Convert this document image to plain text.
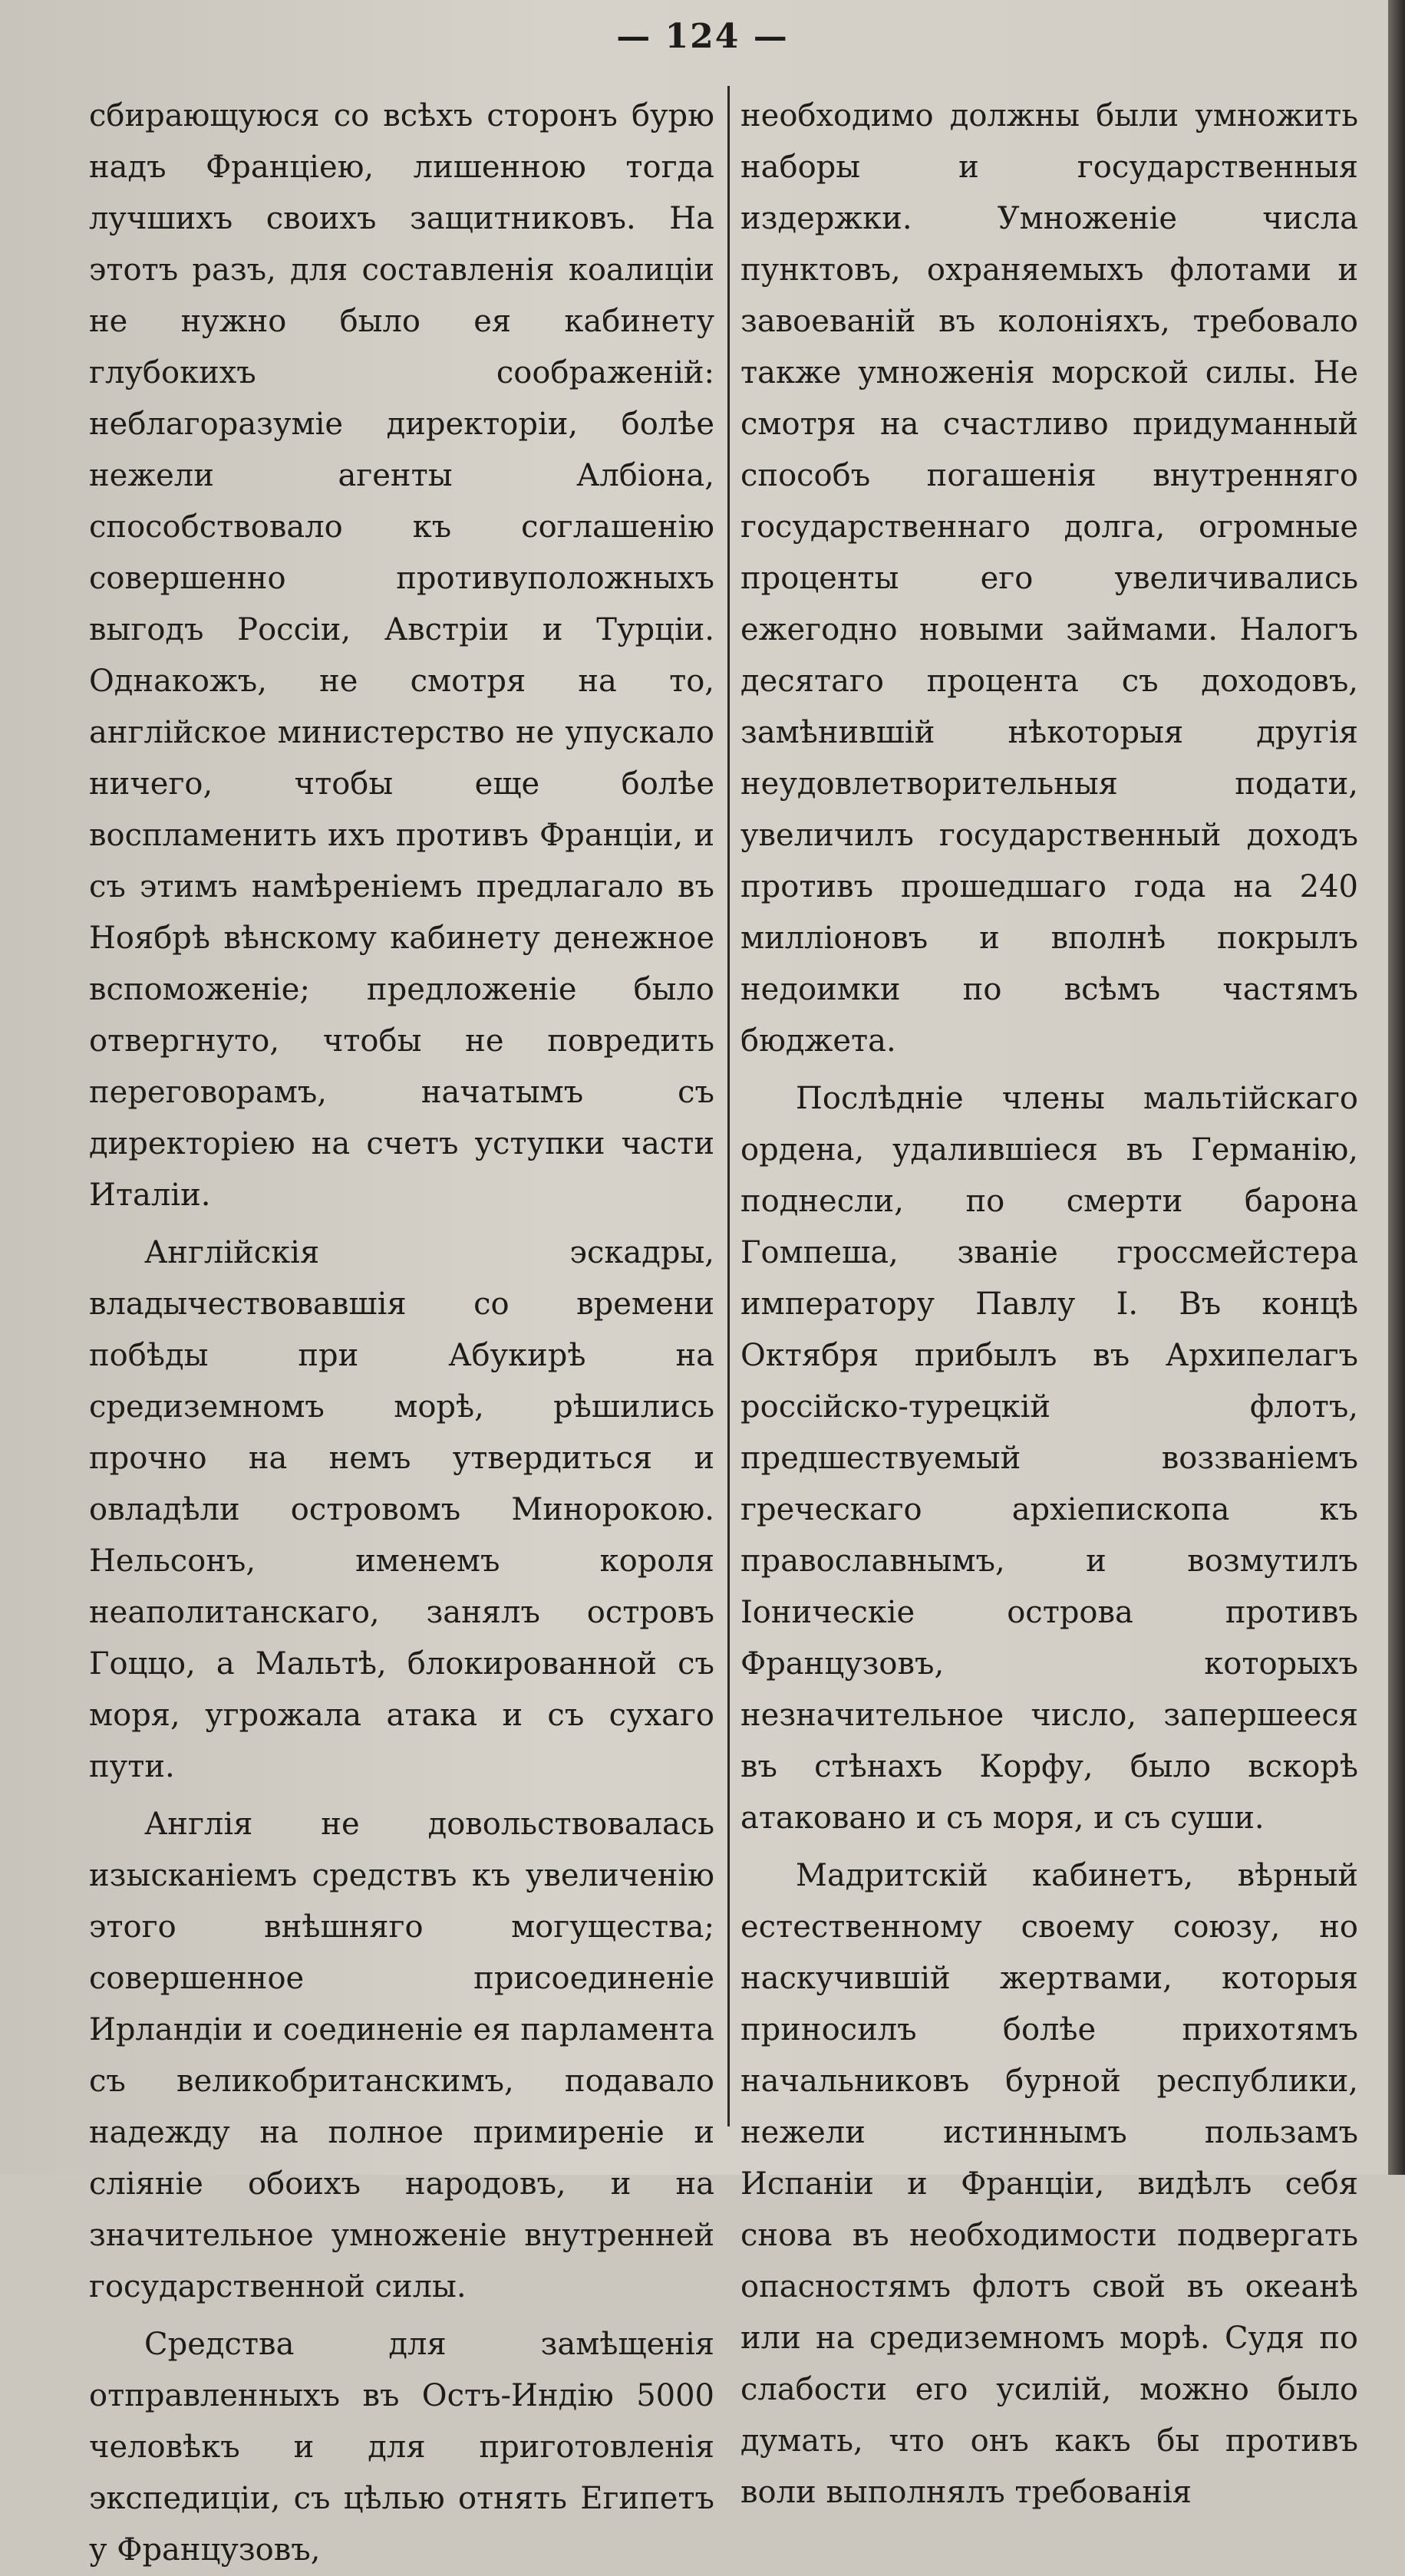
— 124 —

сбирающуюся со всѣхъ сторонъ бурю надъ Франціею, лишенною тогда лучшихъ своихъ защитниковъ. На этотъ разъ, для составленія коалиціи не нужно было ея кабинету глубокихъ соображеній: неблагоразуміе директоріи, болѣе нежели агенты Албіона, способствовало къ соглашенію совершенно противуположныхъ выгодъ Россіи, Австріи и Турціи. Однакожъ, не смотря на то, англійское министерство не упускало ничего, чтобы еще болѣе воспламенить ихъ противъ Франціи, и съ этимъ намѣреніемъ предлагало въ Ноябрѣ вѣнскому кабинету денежное вспоможеніе; предложеніе было отвергнуто, чтобы не повредить переговорамъ, начатымъ съ директоріею на счетъ уступки части Италіи.

Англійскія эскадры, владычествовавшія со времени побѣды при Абукирѣ на средиземномъ морѣ, рѣшились прочно на немъ утвердиться и овладѣли островомъ Минорокою. Нельсонъ, именемъ короля неаполитанскаго, занялъ островъ Гоццо, а Мальтѣ, блокированной съ моря, угрожала атака и съ сухаго пути.

Англія не довольствовалась изысканіемъ средствъ къ увеличенію этого внѣшняго могущества; совершенное присоединеніе Ирландіи и соединеніе ея парламента съ великобританскимъ, подавало надежду на полное примиреніе и сліяніе обоихъ народовъ, и на значительное умноженіе внутренней государственной силы.

Средства для замѣщенія отправленныхъ въ Остъ-Индію 5000 человѣкъ и для приготовленія экспедиціи, съ цѣлью отнять Египетъ у Французовъ,

необходимо должны были умножить наборы и государственныя издержки. Умноженіе числа пунктовъ, охраняемыхъ флотами и завоеваній въ колоніяхъ, требовало также умноженія морской силы. Не смотря на счастливо придуманный способъ погашенія внутренняго государственнаго долга, огромные проценты его увеличивались ежегодно новыми займами. Налогъ десятаго процента съ доходовъ, замѣнившій нѣкоторыя другія неудовлетворительныя подати, увеличилъ государственный доходъ противъ прошедшаго года на 240 милліоновъ и вполнѣ покрылъ недоимки по всѣмъ частямъ бюджета.

Послѣдніе члены мальтійскаго ордена, удалившіеся въ Германію, поднесли, по смерти барона Гомпеша, званіе гроссмейстера императору Павлу I. Въ концѣ Октября прибылъ въ Архипелагъ россійско-турецкій флотъ, предшествуемый воззваніемъ греческаго архіепископа къ православнымъ, и возмутилъ Іоническіе острова противъ Французовъ, которыхъ незначительное число, запершееся въ стѣнахъ Корфу, было вскорѣ атаковано и съ моря, и съ суши.

Мадритскій кабинетъ, вѣрный естественному своему союзу, но наскучившій жертвами, которыя приносилъ болѣе прихотямъ начальниковъ бурной республики, нежели истиннымъ пользамъ Испаніи и Франціи, видѣлъ себя снова въ необходимости подвергать опасностямъ флотъ свой въ океанѣ или на средиземномъ морѣ. Судя по слабости его усилій, можно было думать, что онъ какъ бы противъ воли выполнялъ требованія
